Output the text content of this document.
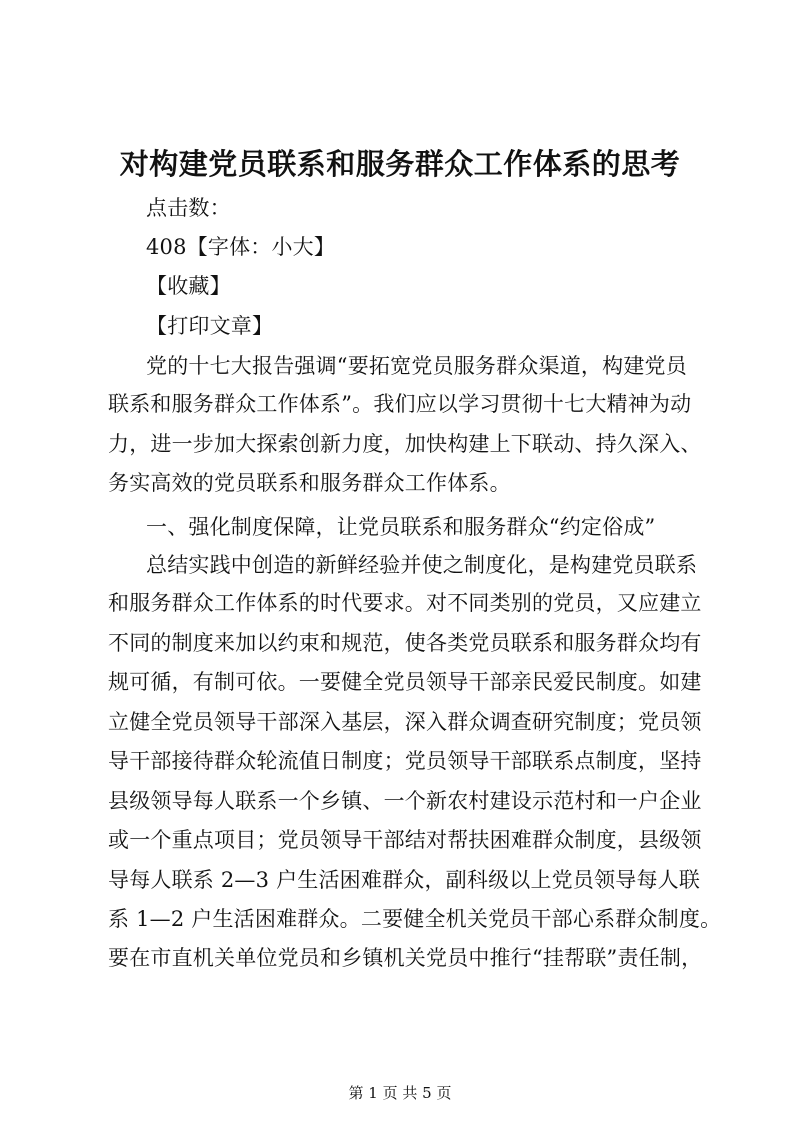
对构建党员联系和服务群众工作体系的思考
点击数：
408【字体：小大】
【收藏】
【打印文章】
党的十七大报告强调“要拓宽党员服务群众渠道，构建党员
联系和服务群众工作体系”。我们应以学习贯彻十七大精神为动
力，进一步加大探索创新力度，加快构建上下联动、持久深入、
务实高效的党员联系和服务群众工作体系。
一、强化制度保障，让党员联系和服务群众“约定俗成”
总结实践中创造的新鲜经验并使之制度化，是构建党员联系
和服务群众工作体系的时代要求。对不同类别的党员，又应建立
不同的制度来加以约束和规范，使各类党员联系和服务群众均有
规可循，有制可依。一要健全党员领导干部亲民爱民制度。如建
立健全党员领导干部深入基层，深入群众调查研究制度；党员领
导干部接待群众轮流值日制度；党员领导干部联系点制度，坚持
县级领导每人联系一个乡镇、一个新农村建设示范村和一户企业
或一个重点项目；党员领导干部结对帮扶困难群众制度，县级领
导每人联系 2—3 户生活困难群众，副科级以上党员领导每人联
系 1—2 户生活困难群众。二要健全机关党员干部心系群众制度。
要在市直机关单位党员和乡镇机关党员中推行“挂帮联”责任制，
第 1 页 共 5 页
